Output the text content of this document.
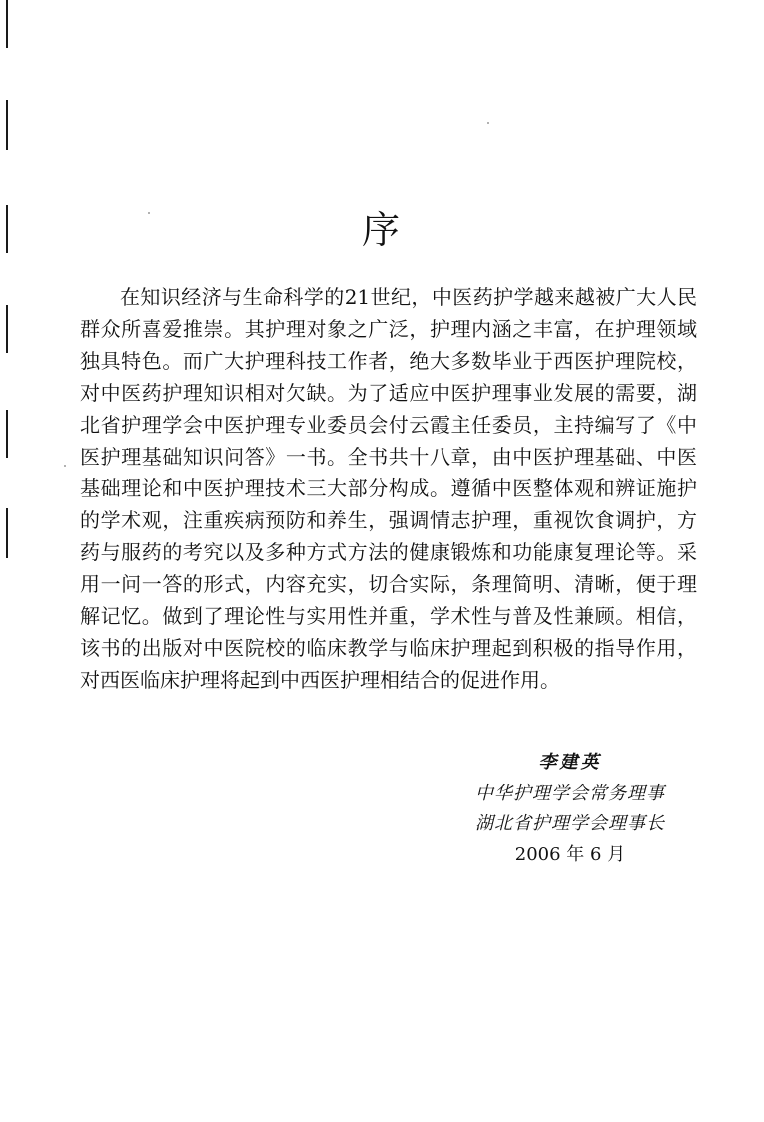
序

在知识经济与生命科学的21世纪，中医药护学越来越被广大人民群众所喜爱推崇。其护理对象之广泛，护理内涵之丰富，在护理领域独具特色。而广大护理科技工作者，绝大多数毕业于西医护理院校，对中医药护理知识相对欠缺。为了适应中医护理事业发展的需要，湖北省护理学会中医护理专业委员会付云霞主任委员，主持编写了《中医护理基础知识问答》一书。全书共十八章，由中医护理基础、中医基础理论和中医护理技术三大部分构成。遵循中医整体观和辨证施护的学术观，注重疾病预防和养生，强调情志护理，重视饮食调护，方药与服药的考究以及多种方式方法的健康锻炼和功能康复理论等。采用一问一答的形式，内容充实，切合实际，条理简明、清晰，便于理解记忆。做到了理论性与实用性并重，学术性与普及性兼顾。相信，该书的出版对中医院校的临床教学与临床护理起到积极的指导作用，对西医临床护理将起到中西医护理相结合的促进作用。

李建英
中华护理学会常务理事
湖北省护理学会理事长
2006 年 6 月
